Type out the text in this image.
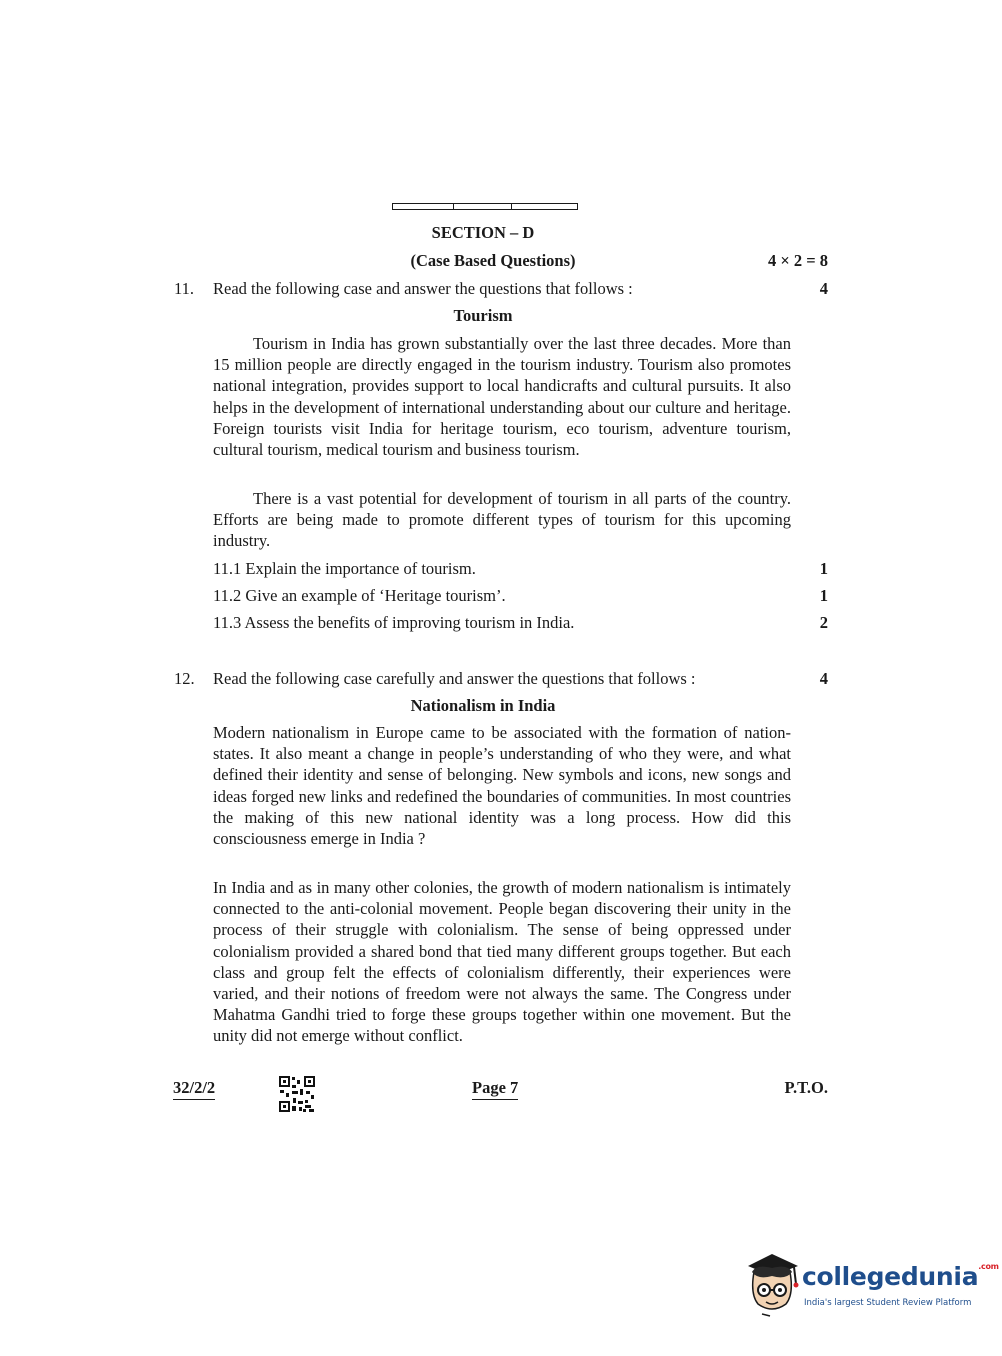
SECTION – D
(Case Based Questions)	4 × 2 = 8
11. Read the following case and answer the questions that follows :	4
Tourism
Tourism in India has grown substantially over the last three decades. More than 15 million people are directly engaged in the tourism industry. Tourism also promotes national integration, provides support to local handicrafts and cultural pursuits. It also helps in the development of international understanding about our culture and heritage. Foreign tourists visit India for heritage tourism, eco tourism, adventure tourism, cultural tourism, medical tourism and business tourism.
There is a vast potential for development of tourism in all parts of the country. Efforts are being made to promote different types of tourism for this upcoming industry.
11.1 Explain the importance of tourism.	1
11.2 Give an example of ‘Heritage tourism’.	1
11.3 Assess the benefits of improving tourism in India.	2
12. Read the following case carefully and answer the questions that follows :	4
Nationalism in India
Modern nationalism in Europe came to be associated with the formation of nation-states. It also meant a change in people’s understanding of who they were, and what defined their identity and sense of belonging. New symbols and icons, new songs and ideas forged new links and redefined the boundaries of communities. In most countries the making of this new national identity was a long process. How did this consciousness emerge in India ?
In India and as in many other colonies, the growth of modern nationalism is intimately connected to the anti-colonial movement. People began discovering their unity in the process of their struggle with colonialism. The sense of being oppressed under colonialism provided a shared bond that tied many different groups together. But each class and group felt the effects of colonialism differently, their experiences were varied, and their notions of freedom were not always the same. The Congress under Mahatma Gandhi tried to forge these groups together within one movement. But the unity did not emerge without conflict.
32/2/2	Page 7	P.T.O.
collegedunia$^{.com}$
India's largest Student Review Platform
